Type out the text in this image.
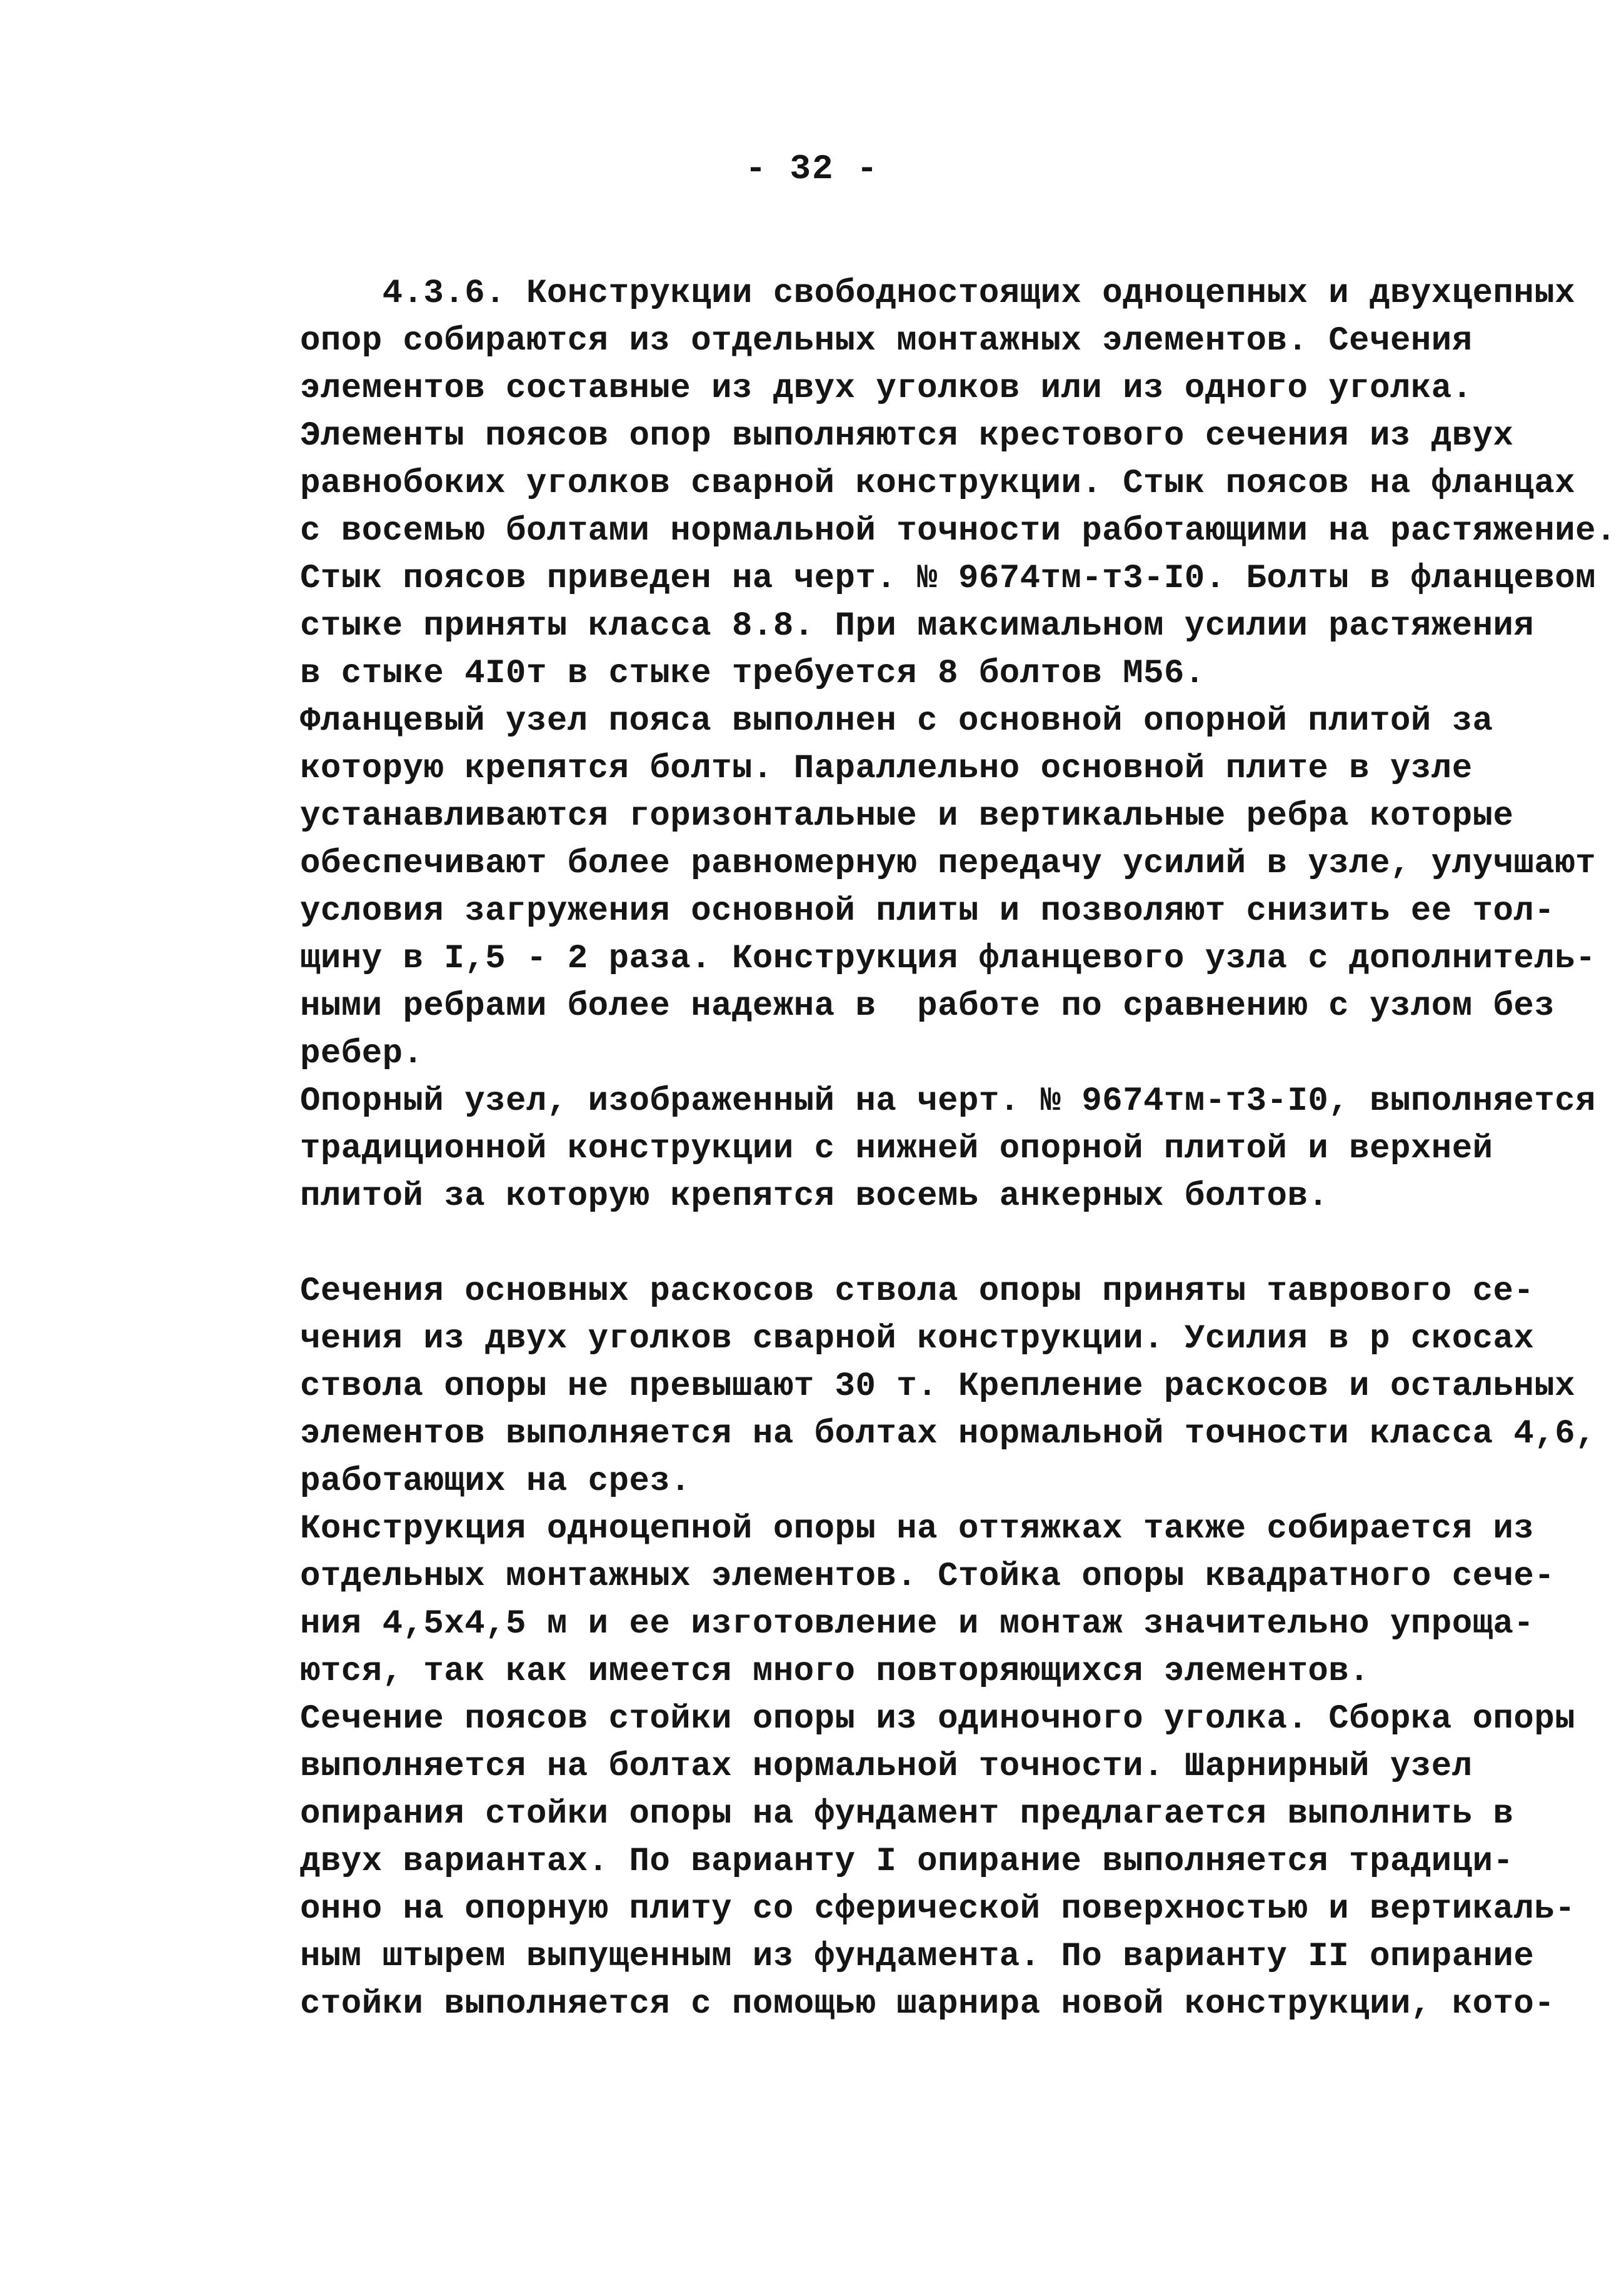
- 32 -
4.3.6. Конструкции свободностоящих одноцепных и двухцепных
опор собираются из отдельных монтажных элементов. Сечения
элементов составные из двух уголков или из одного уголка.
Элементы поясов опор выполняются крестового сечения из двух
равнобоких уголков сварной конструкции. Стык поясов на фланцах
с восемью болтами нормальной точности работающими на растяжение.
Стык поясов приведен на черт. № 9674тм-т3-I0. Болты в фланцевом
стыке приняты класса 8.8. При максимальном усилии растяжения
в стыке 4I0т в стыке требуется 8 болтов М56.
Фланцевый узел пояса выполнен с основной опорной плитой за
которую крепятся болты. Параллельно основной плите в узле
устанавливаются горизонтальные и вертикальные ребра которые
обеспечивают более равномерную передачу усилий в узле, улучшают
условия загружения основной плиты и позволяют снизить ее тол-
щину в I,5 - 2 раза. Конструкция фланцевого узла с дополнитель-
ными ребрами более надежна в  работе по сравнению с узлом без
ребер.
Опорный узел, изображенный на черт. № 9674тм-т3-I0, выполняется
традиционной конструкции с нижней опорной плитой и верхней
плитой за которую крепятся восемь анкерных болтов.
Сечения основных раскосов ствола опоры приняты таврового се-
чения из двух уголков сварной конструкции. Усилия в р скосах
ствола опоры не превышают 30 т. Крепление раскосов и остальных
элементов выполняется на болтах нормальной точности класса 4,6,
работающих на срез.
Конструкция одноцепной опоры на оттяжках также собирается из
отдельных монтажных элементов. Стойка опоры квадратного сече-
ния 4,5х4,5 м и ее изготовление и монтаж значительно упроща-
ются, так как имеется много повторяющихся элементов.
Сечение поясов стойки опоры из одиночного уголка. Сборка опоры
выполняется на болтах нормальной точности. Шарнирный узел
опирания стойки опоры на фундамент предлагается выполнить в
двух вариантах. По варианту I опирание выполняется традици-
онно на опорную плиту со сферической поверхностью и вертикаль-
ным штырем выпущенным из фундамента. По варианту II опирание
стойки выполняется с помощью шарнира новой конструкции, кото-
